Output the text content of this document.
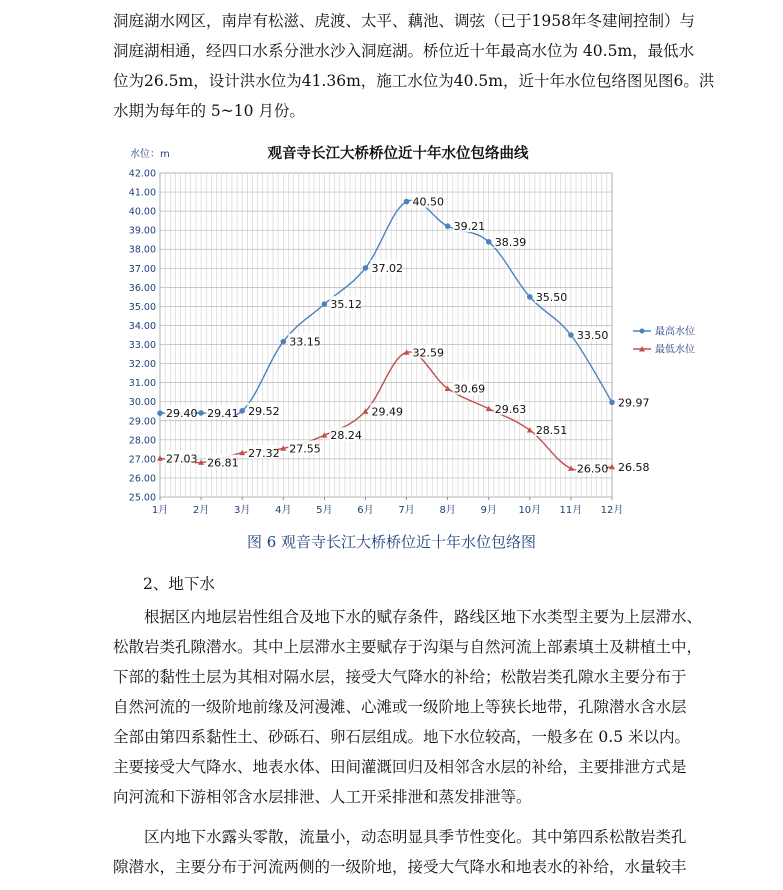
洞庭湖水网区，南岸有松滋、虎渡、太平、藕池、调弦（已于1958年冬建闸控制）与
洞庭湖相通，经四口水系分泄水沙入洞庭湖。桥位近十年最高水位为 40.5m，最低水
位为26.5m，设计洪水位为41.36m，施工水位为40.5m，近十年水位包络图见图6。洪
水期为每年的 5~10 月份。
观音寺长江大桥桥位近十年水位包络曲线
水位：m
25.00
26.00
27.00
28.00
29.00
30.00
31.00
32.00
33.00
34.00
35.00
36.00
37.00
38.00
39.00
40.00
41.00
42.00
1月 2月 3月 4月 5月 6月 7月 8月 9月 10月 11月 12月
29.40 29.41 29.52
33.15
35.12
37.02
40.50
39.21
38.39
35.50
33.50
29.97
27.03 26.81
27.32 27.55
28.24
29.49
32.59
30.69
29.63
28.51
26.50 26.58
最高水位
最低水位
图 6 观音寺长江大桥桥位近十年水位包络图
2、地下水
根据区内地层岩性组合及地下水的赋存条件，路线区地下水类型主要为上层滞水、
松散岩类孔隙潜水。其中上层滞水主要赋存于沟渠与自然河流上部素填土及耕植土中，
下部的黏性土层为其相对隔水层，接受大气降水的补给；松散岩类孔隙水主要分布于
自然河流的一级阶地前缘及河漫滩、心滩或一级阶地上等狭长地带，孔隙潜水含水层
全部由第四系黏性土、砂砾石、卵石层组成。地下水位较高，一般多在 0.5 米以内。
主要接受大气降水、地表水体、田间灌溉回归及相邻含水层的补给，主要排泄方式是
向河流和下游相邻含水层排泄、人工开采排泄和蒸发排泄等。
区内地下水露头零散，流量小，动态明显具季节性变化。其中第四系松散岩类孔
隙潜水，主要分布于河流两侧的一级阶地，接受大气降水和地表水的补给，水量较丰
